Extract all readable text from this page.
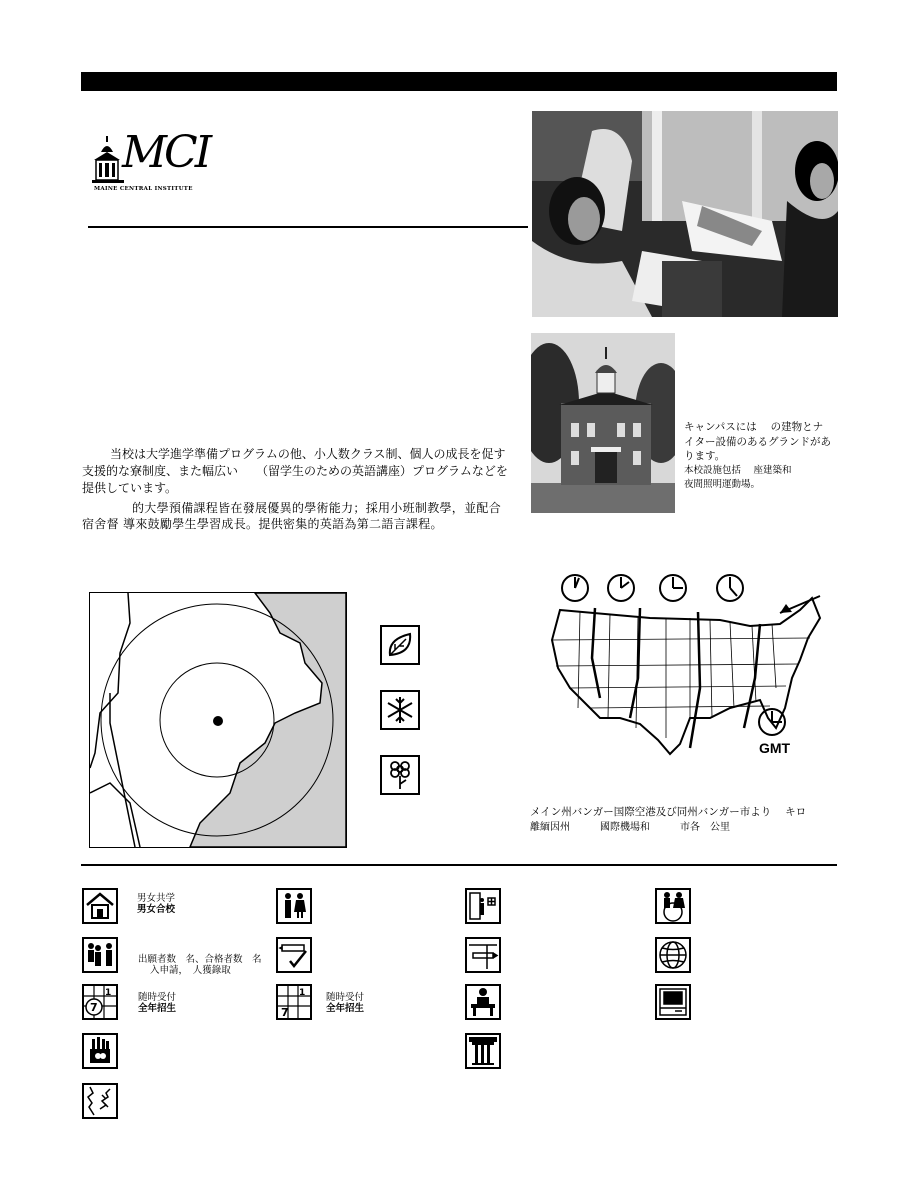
MCI
MAINE CENTRAL INSTITUTE
キャンパスには　 の建物とナ
イター設備のあるグランドがあ
ります。
本校設施包括　 座建築和
夜間照明運動場。

当校は大学進学準備プログラムの他、小人数クラス制、個人の成長を促す支援的な寮制度、また幅広い　　（留学生のための英語講座）プログラムなどを提供しています。

的大學預備課程皆在發展優異的學術能力；採用小班制教學，並配合宿舍督 導來鼓勵學生學習成長。提供密集的英語為第二語言課程。

GMT
メイン州バンガー国際空港及び同州バンガー市より　 キロ
離緬因州　　　國際機場和　　　市各　公里
男女共学
男女合校
出願者数　名、合格者数　名
入申請，　人獲錄取
1
7
随時受付
全年招生
1
7
随時受付
全年招生
